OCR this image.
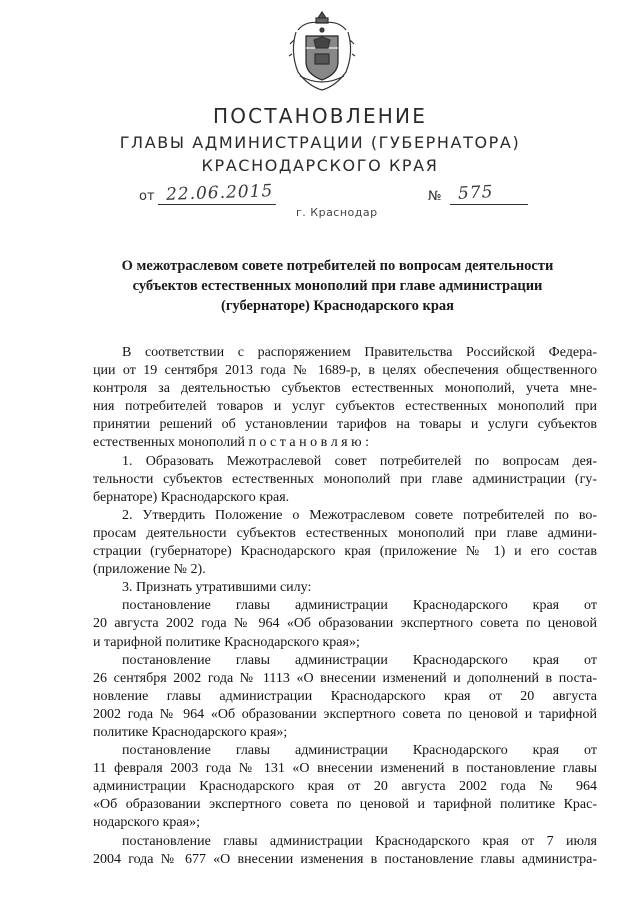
ПОСТАНОВЛЕНИЕ
ГЛАВЫ АДМИНИСТРАЦИИ (ГУБЕРНАТОРА)
КРАСНОДАРСКОГО КРАЯ
от 22.06.2015	№ 575
г. Краснодар
О межотраслевом совете потребителей по вопросам деятельности
субъектов естественных монополий при главе администрации
(губернаторе) Краснодарского края
В соответствии с распоряжением Правительства Российской Федера-
ции от 19 сентября 2013 года № 1689-р, в целях обеспечения общественного
контроля за деятельностью субъектов естественных монополий, учета мне-
ния потребителей товаров и услуг субъектов естественных монополий при
принятии решений об установлении тарифов на товары и услуги субъектов
естественных монополий п о с т а н о в л я ю :
1. Образовать Межотраслевой совет потребителей по вопросам дея-
тельности субъектов естественных монополий при главе администрации (гу-
бернаторе) Краснодарского края.
2. Утвердить Положение о Межотраслевом совете потребителей по во-
просам деятельности субъектов естественных монополий при главе админи-
страции (губернаторе) Краснодарского края (приложение № 1) и его состав
(приложение № 2).
3. Признать утратившими силу:
постановление главы администрации Краснодарского края от
20 августа 2002 года № 964 «Об образовании экспертного совета по ценовой
и тарифной политике Краснодарского края»;
постановление главы администрации Краснодарского края от
26 сентября 2002 года № 1113 «О внесении изменений и дополнений в поста-
новление главы администрации Краснодарского края от 20 августа
2002 года № 964 «Об образовании экспертного совета по ценовой и тарифной
политике Краснодарского края»;
постановление главы администрации Краснодарского края от
11 февраля 2003 года № 131 «О внесении изменений в постановление главы
администрации Краснодарского края от 20 августа 2002 года № 964
«Об образовании экспертного совета по ценовой и тарифной политике Крас-
нодарского края»;
постановление главы администрации Краснодарского края от 7 июля
2004 года № 677 «О внесении изменения в постановление главы администра-
